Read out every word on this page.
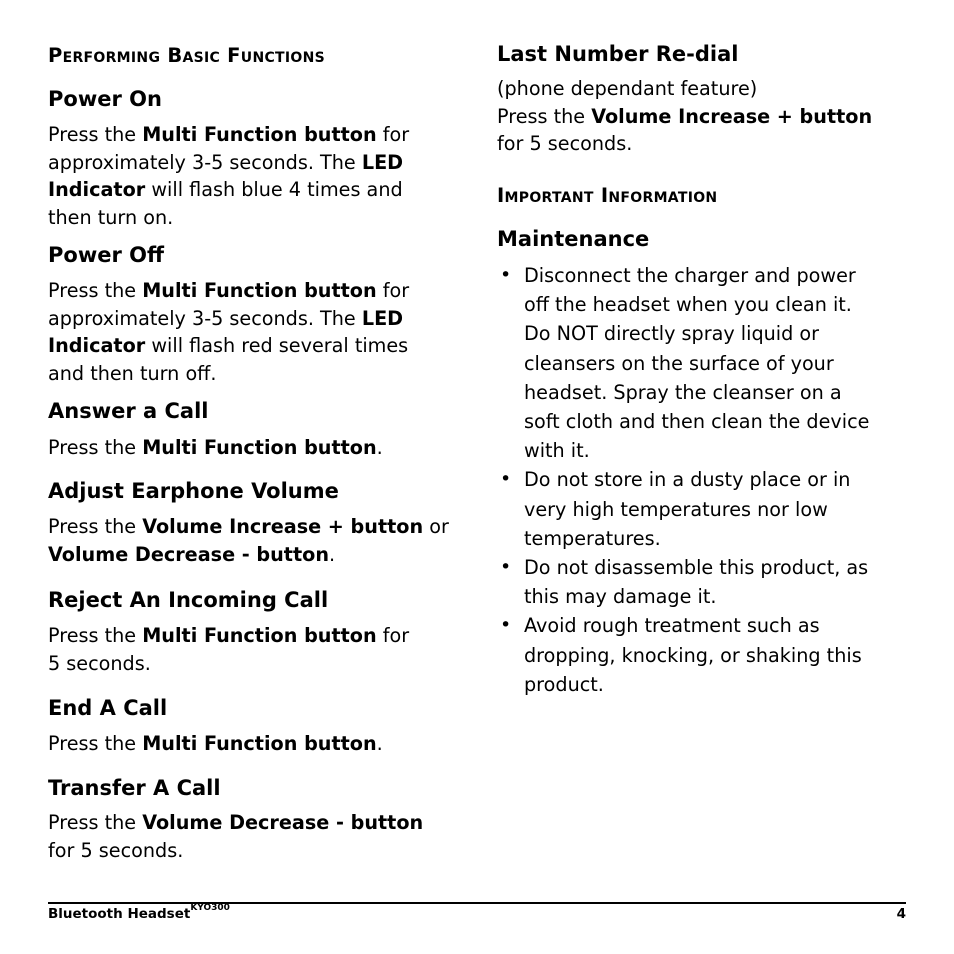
Performing Basic Functions
Power On

Press the Multi Function button for approximately 3-5 seconds. The LED Indicator will flash blue 4 times and then turn on.

Power Off

Press the Multi Function button for approximately 3-5 seconds. The LED Indicator will flash red several times and then turn off.

Answer a Call

Press the Multi Function button.

Adjust Earphone Volume

Press the Volume Increase + button or Volume Decrease - button.

Reject An Incoming Call

Press the Multi Function button for
5 seconds.

End A Call

Press the Multi Function button.

Transfer A Call

Press the Volume Decrease - button
for 5 seconds.

Last Number Re-dial

(phone dependant feature)
Press the Volume Increase + button
for 5 seconds.

Important Information
Maintenance
• Disconnect the charger and power off the headset when you clean it. Do NOT directly spray liquid or cleansers on the surface of your headset. Spray the cleanser on a soft cloth and then clean the device with it.
• Do not store in a dusty place or in very high temperatures nor low temperatures.
• Do not disassemble this product, as this may damage it.
• Avoid rough treatment such as dropping, knocking, or shaking this product.
Bluetooth Headset$^{KYO300}$	4
